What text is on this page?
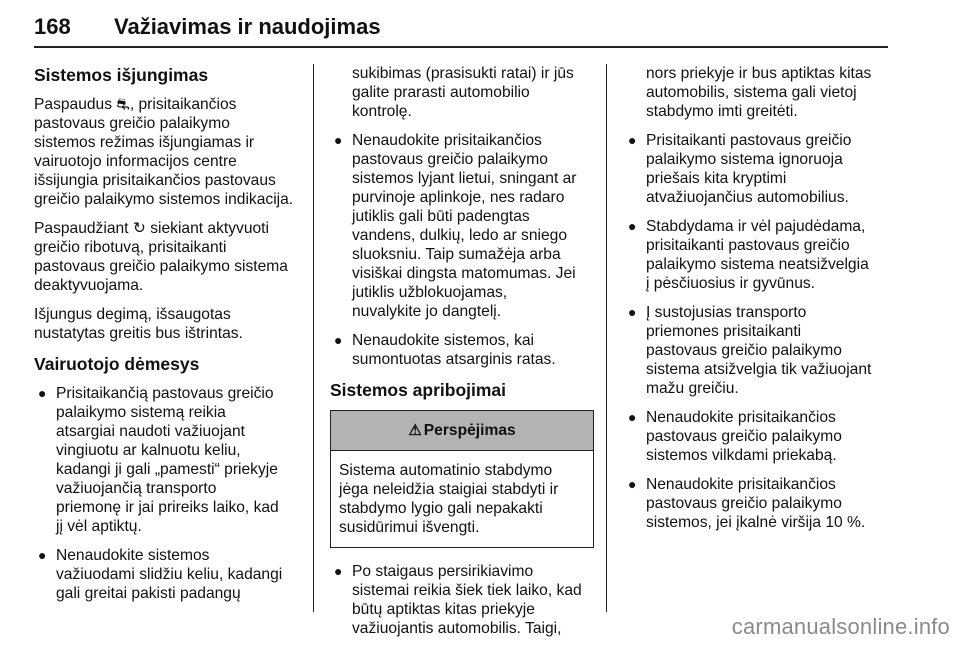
168 Važiavimas ir naudojimas
Sistemos išjungimas

Paspaudus ⛐, prisitaikančios
pastovaus greičio palaikymo
sistemos režimas išjungiamas ir
vairuotojo informacijos centre
išsijungia prisitaikančios pastovaus
greičio palaikymo sistemos indikacija.

Paspaudžiant ↻ siekiant aktyvuoti
greičio ribotuvą, prisitaikanti
pastovaus greičio palaikymo sistema
deaktyvuojama.

Išjungus degimą, išsaugotas
nustatytas greitis bus ištrintas.

Vairuotojo dėmesys
● Prisitaikančią pastovaus greičio
palaikymo sistemą reikia
atsargiai naudoti važiuojant
vingiuotu ar kalnuotu keliu,
kadangi ji gali „pamesti“ priekyje
važiuojančią transporto
priemonę ir jai prireiks laiko, kad
jį vėl aptiktų.
● Nenaudokite sistemos
važiuodami slidžiu keliu, kadangi
gali greitai pakisti padangų
sukibimas (prasisukti ratai) ir jūs
galite prarasti automobilio
kontrolę.
● Nenaudokite prisitaikančios
pastovaus greičio palaikymo
sistemos lyjant lietui, sningant ar
purvinoje aplinkoje, nes radaro
jutiklis gali būti padengtas
vandens, dulkių, ledo ar sniego
sluoksniu. Taip sumažėja arba
visiškai dingsta matomumas. Jei
jutiklis užblokuojamas,
nuvalykite jo dangtelį.
● Nenaudokite sistemos, kai
sumontuotas atsarginis ratas.
Sistemos apribojimai
⚠ Perspėjimas
Sistema automatinio stabdymo
jėga neleidžia staigiai stabdyti ir
stabdymo lygio gali nepakakti
susidūrimui išvengti.
● Po staigaus persirikiavimo
sistemai reikia šiek tiek laiko, kad
būtų aptiktas kitas priekyje
važiuojantis automobilis. Taigi,
nors priekyje ir bus aptiktas kitas
automobilis, sistema gali vietoj
stabdymo imti greitėti.
● Prisitaikanti pastovaus greičio
palaikymo sistema ignoruoja
priešais kita kryptimi
atvažiuojančius automobilius.
● Stabdydama ir vėl pajudėdama,
prisitaikanti pastovaus greičio
palaikymo sistema neatsižvelgia
į pėsčiuosius ir gyvūnus.
● Į sustojusias transporto
priemones prisitaikanti
pastovaus greičio palaikymo
sistema atsižvelgia tik važiuojant
mažu greičiu.
● Nenaudokite prisitaikančios
pastovaus greičio palaikymo
sistemos vilkdami priekabą.
● Nenaudokite prisitaikančios
pastovaus greičio palaikymo
sistemos, jei įkalnė viršija 10 %.
carmanualsonline.info
